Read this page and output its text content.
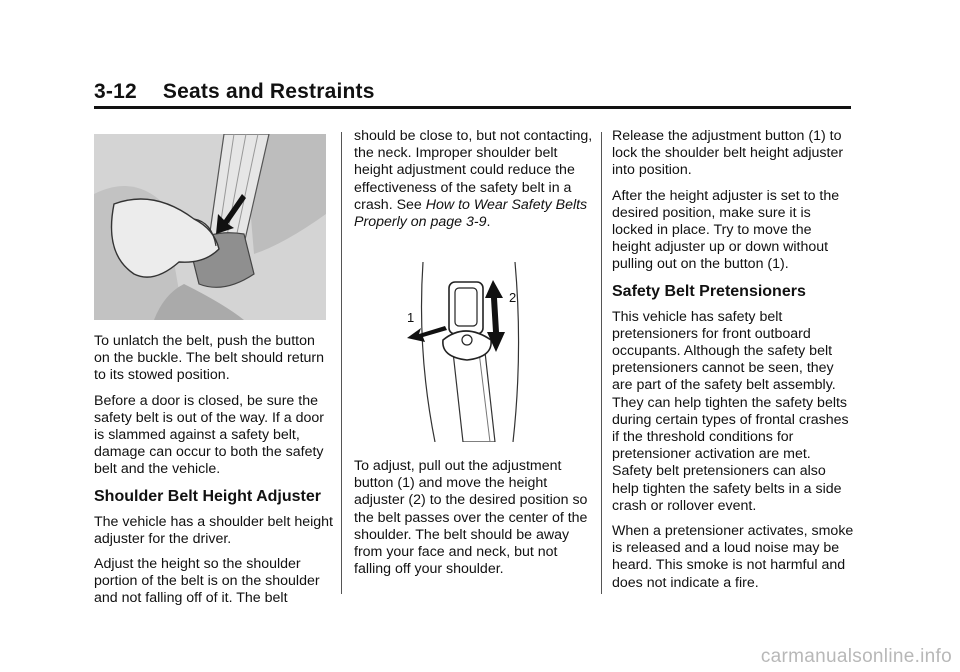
3-12 Seats and Restraints

To unlatch the belt, push the button on the buckle. The belt should return to its stowed position.

Before a door is closed, be sure the safety belt is out of the way. If a door is slammed against a safety belt, damage can occur to both the safety belt and the vehicle.

Shoulder Belt Height Adjuster

The vehicle has a shoulder belt height adjuster for the driver.

Adjust the height so the shoulder portion of the belt is on the shoulder and not falling off of it. The belt

should be close to, but not contacting, the neck. Improper shoulder belt height adjustment could reduce the effectiveness of the safety belt in a crash. See How to Wear Safety Belts Properly on page 3-9.

1
2

To adjust, pull out the adjustment button (1) and move the height adjuster (2) to the desired position so the belt passes over the center of the shoulder. The belt should be away from your face and neck, but not falling off your shoulder.

Release the adjustment button (1) to lock the shoulder belt height adjuster into position.

After the height adjuster is set to the desired position, make sure it is locked in place. Try to move the height adjuster up or down without pulling out on the button (1).

Safety Belt Pretensioners

This vehicle has safety belt pretensioners for front outboard occupants. Although the safety belt pretensioners cannot be seen, they are part of the safety belt assembly. They can help tighten the safety belts during certain types of frontal crashes if the threshold conditions for pretensioner activation are met. Safety belt pretensioners can also help tighten the safety belts in a side crash or rollover event.

When a pretensioner activates, smoke is released and a loud noise may be heard. This smoke is not harmful and does not indicate a fire.

carmanualsonline.info
